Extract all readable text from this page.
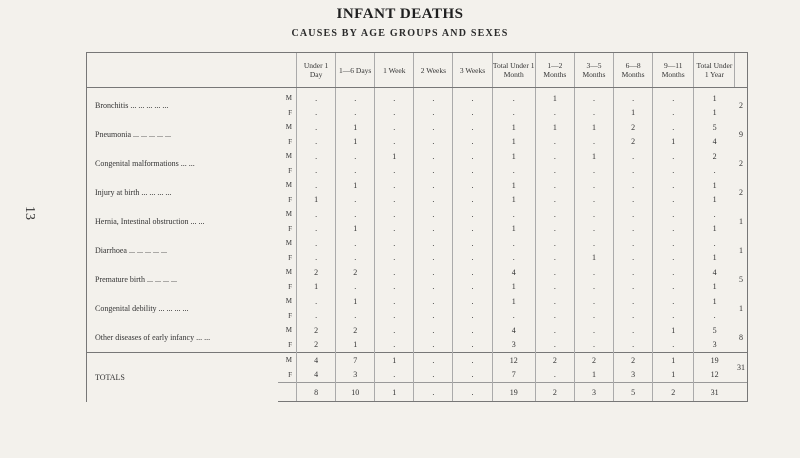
13
INFANT DEATHS
CAUSES BY AGE GROUPS AND SEXES
		Under 1 Day	1—6 Days	1 Week	2 Weeks	3 Weeks	Total Under 1 Month	1—2 Months	3—5 Months	6—8 Months	9—11 Months	Total Under 1 Year	
Bronchitis ... ... ... ... ...	M	.	.	.	.	.	.	1	.	.	.	1	2
	F	.	.	.	.	.	.	.	.	1	.	1	
Pneumonia ... ... ... ... ...	M	.	1	.	.	.	1	1	1	2	.	5	9
	F	.	1	.	.	.	1	.	.	2	1	4	
Congenital malformations ... ...	M	.	.	1	.	.	1	.	1	.	.	2	2
	F	.	.	.	.	.	.	.	.	.	.	.	
Injury at birth ... ... ... ...	M	.	1	.	.	.	1	.	.	.	.	1	2
	F	1	.	.	.	.	1	.	.	.	.	1	
Hernia, Intestinal obstruction ... ...	M	.	.	.	.	.	.	.	.	.	.	.	1
	F	.	1	.	.	.	1	.	.	.	.	1	
Diarrhoea ... ... ... ... ...	M	.	.	.	.	.	.	.	.	.	.	.	1
	F	.	.	.	.	.	.	.	1	.	.	1	
Premature birth ... ... ... ...	M	2	2	.	.	.	4	.	.	.	.	4	5
	F	1	.	.	.	.	1	.	.	.	.	1	
Congenital debility ... ... ... ...	M	.	1	.	.	.	1	.	.	.	.	1	1
	F	.	.	.	.	.	.	.	.	.	.	.	
Other diseases of early infancy ... ...	M	2	2	.	.	.	4	.	.	.	1	5	8
	F	2	1	.	.	.	3	.	.	.	.	3	
TOTALS	M	4	7	1	.	.	12	2	2	2	1	19	31
	F	4	3	.	.	.	7	.	1	3	1	12	
		8	10	1	.	.	19	2	3	5	2	31	
